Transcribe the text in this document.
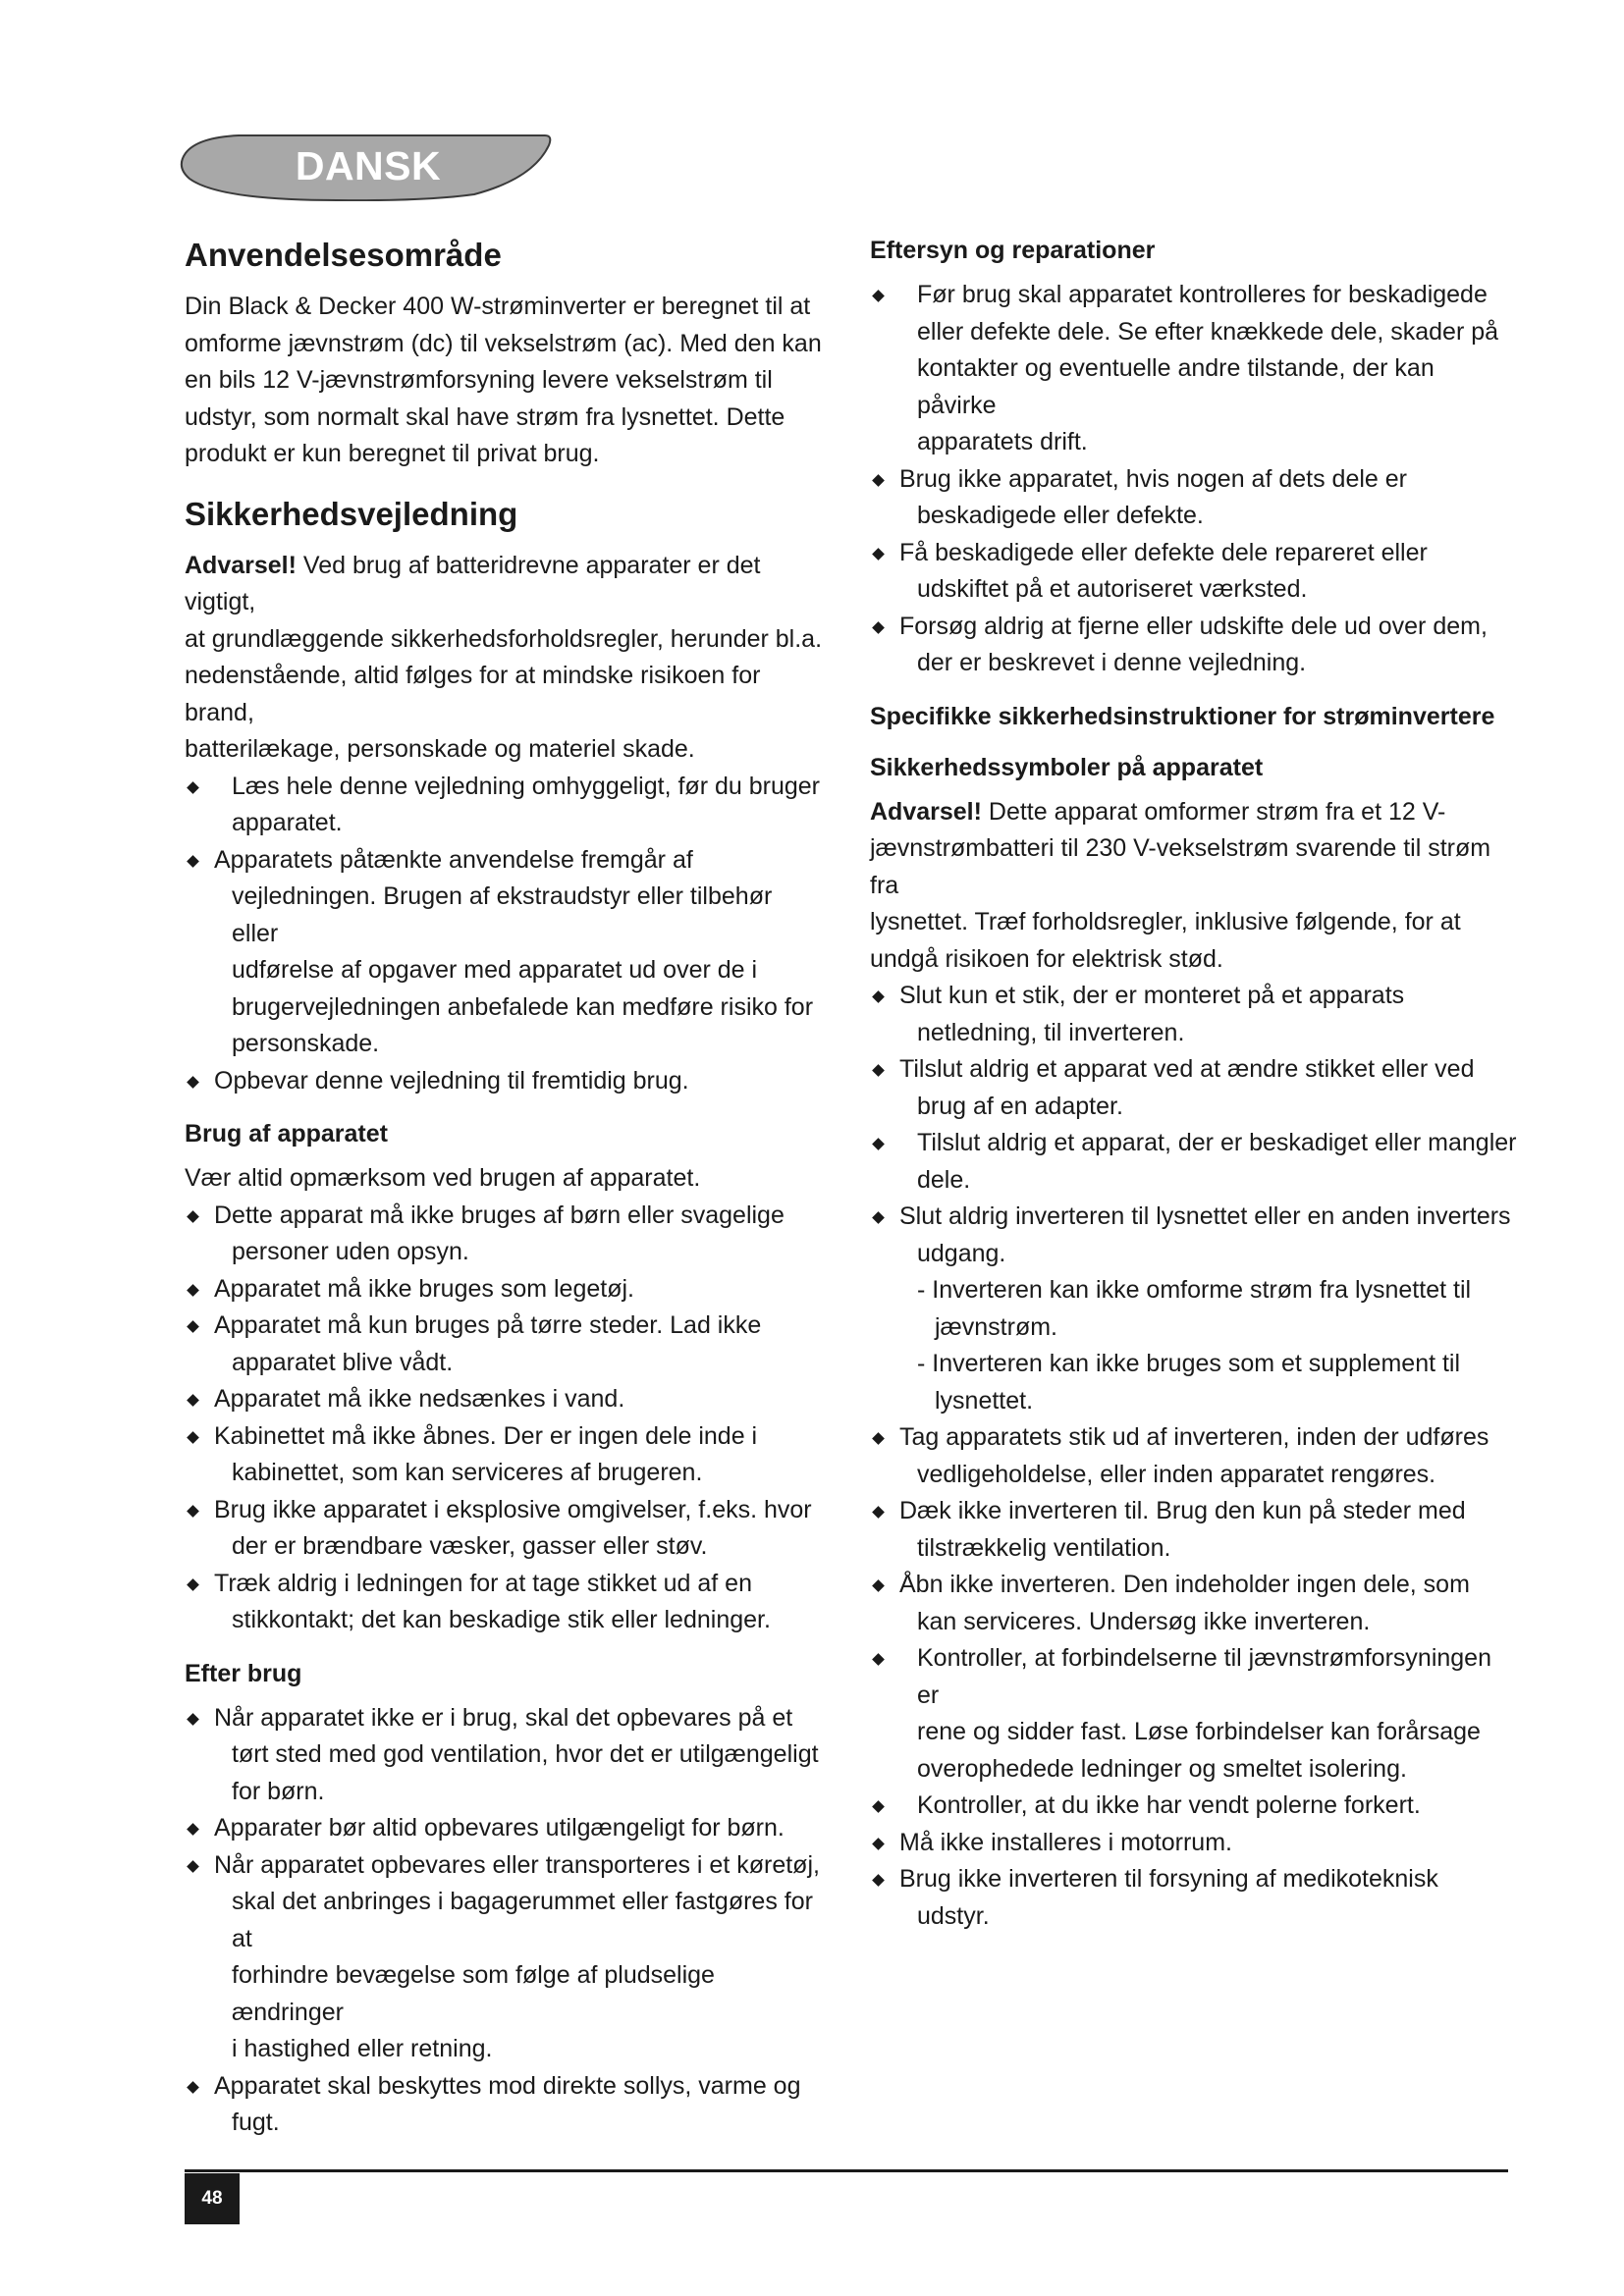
DANSK
Anvendelsesområde

Din Black & Decker 400 W-strøminverter er beregnet til at
omforme jævnstrøm (dc) til vekselstrøm (ac). Med den kan
en bils 12 V-jævnstrømforsyning levere vekselstrøm til
udstyr, som normalt skal have strøm fra lysnettet. Dette
produkt er kun beregnet til privat brug.

Sikkerhedsvejledning

Advarsel! Ved brug af batteridrevne apparater er det vigtigt,
at grundlæggende sikkerhedsforholdsregler, herunder bl.a.
nedenstående, altid følges for at mindske risikoen for brand,
batterilækage, personskade og materiel skade.

Læs hele denne vejledning omhyggeligt, før du bruger
apparatet.
Apparatets påtænkte anvendelse fremgår af
vejledningen. Brugen af ekstraudstyr eller tilbehør eller
udførelse af opgaver med apparatet ud over de i
brugervejledningen anbefalede kan medføre risiko for
personskade.
Opbevar denne vejledning til fremtidig brug.
Brug af apparatet

Vær altid opmærksom ved brugen af apparatet.

Dette apparat må ikke bruges af børn eller svagelige
personer uden opsyn.
Apparatet må ikke bruges som legetøj.
Apparatet må kun bruges på tørre steder. Lad ikke
apparatet blive vådt.
Apparatet må ikke nedsænkes i vand.
Kabinettet må ikke åbnes. Der er ingen dele inde i
kabinettet, som kan serviceres af brugeren.
Brug ikke apparatet i eksplosive omgivelser, f.eks. hvor
der er brændbare væsker, gasser eller støv.
Træk aldrig i ledningen for at tage stikket ud af en
stikkontakt; det kan beskadige stik eller ledninger.
Efter brug
Når apparatet ikke er i brug, skal det opbevares på et
tørt sted med god ventilation, hvor det er utilgængeligt
for børn.
Apparater bør altid opbevares utilgængeligt for børn.
Når apparatet opbevares eller transporteres i et køretøj,
skal det anbringes i bagagerummet eller fastgøres for at
forhindre bevægelse som følge af pludselige ændringer
i hastighed eller retning.
Apparatet skal beskyttes mod direkte sollys, varme og
fugt.
Eftersyn og reparationer
Før brug skal apparatet kontrolleres for beskadigede
eller defekte dele. Se efter knækkede dele, skader på
kontakter og eventuelle andre tilstande, der kan påvirke
apparatets drift.
Brug ikke apparatet, hvis nogen af dets dele er
beskadigede eller defekte.
Få beskadigede eller defekte dele repareret eller
udskiftet på et autoriseret værksted.
Forsøg aldrig at fjerne eller udskifte dele ud over dem,
der er beskrevet i denne vejledning.
Specifikke sikkerhedsinstruktioner for strøminvertere
Sikkerhedssymboler på apparatet

Advarsel! Dette apparat omformer strøm fra et 12 V-
jævnstrømbatteri til 230 V-vekselstrøm svarende til strøm fra
lysnettet. Træf forholdsregler, inklusive følgende, for at
undgå risikoen for elektrisk stød.

Slut kun et stik, der er monteret på et apparats
netledning, til inverteren.
Tilslut aldrig et apparat ved at ændre stikket eller ved
brug af en adapter.
Tilslut aldrig et apparat, der er beskadiget eller mangler
dele.
Slut aldrig inverteren til lysnettet eller en anden inverters
udgang.
- Inverteren kan ikke omforme strøm fra lysnettet til
jævnstrøm.
- Inverteren kan ikke bruges som et supplement til
lysnettet.
Tag apparatets stik ud af inverteren, inden der udføres
vedligeholdelse, eller inden apparatet rengøres.
Dæk ikke inverteren til. Brug den kun på steder med
tilstrækkelig ventilation.
Åbn ikke inverteren. Den indeholder ingen dele, som
kan serviceres. Undersøg ikke inverteren.
Kontroller, at forbindelserne til jævnstrømforsyningen er
rene og sidder fast. Løse forbindelser kan forårsage
overophedede ledninger og smeltet isolering.
Kontroller, at du ikke har vendt polerne forkert.
Må ikke installeres i motorrum.
Brug ikke inverteren til forsyning af medikoteknisk
udstyr.
48
